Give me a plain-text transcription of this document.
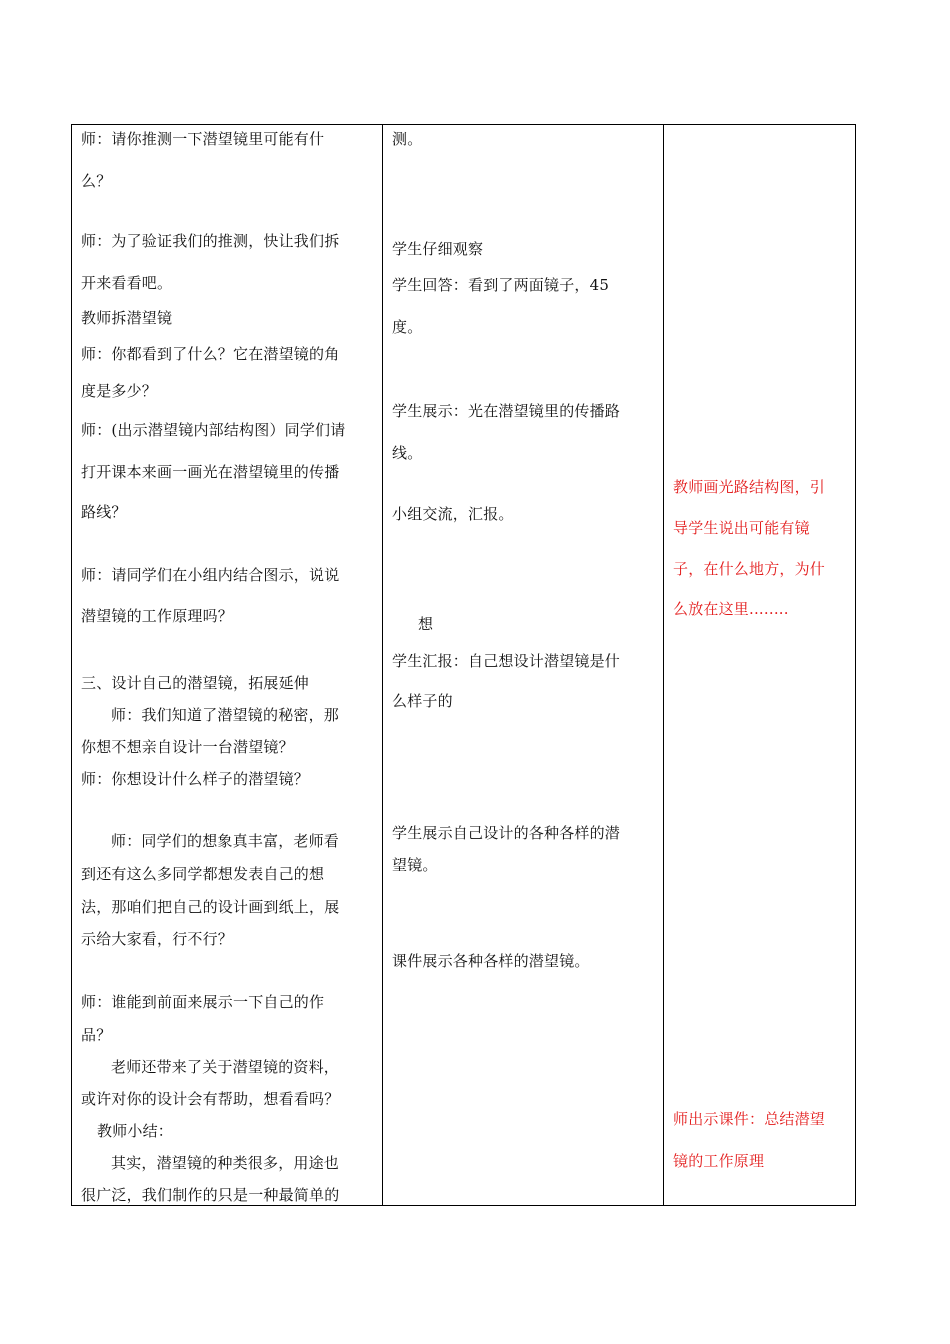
师：请你推测一下潜望镜里可能有什
么？
师：为了验证我们的推测，快让我们拆
开来看看吧。
教师拆潜望镜
师：你都看到了什么？它在潜望镜的角
度是多少？
师：(出示潜望镜内部结构图）同学们请
打开课本来画一画光在潜望镜里的传播
路线？
师：请同学们在小组内结合图示，说说
潜望镜的工作原理吗？
三、设计自己的潜望镜，拓展延伸
师：我们知道了潜望镜的秘密，那
你想不想亲自设计一台潜望镜？
师：你想设计什么样子的潜望镜？
师：同学们的想象真丰富，老师看
到还有这么多同学都想发表自己的想
法，那咱们把自己的设计画到纸上，展
示给大家看，行不行？
师：谁能到前面来展示一下自己的作
品？
老师还带来了关于潜望镜的资料，
或许对你的设计会有帮助，想看看吗？
教师小结：
其实，潜望镜的种类很多，用途也
很广泛，我们制作的只是一种最简单的
测。
学生仔细观察
学生回答：看到了两面镜子，45
度。
学生展示：光在潜望镜里的传播路
线。
小组交流，汇报。
想
学生汇报：自己想设计潜望镜是什
么样子的
学生展示自己设计的各种各样的潜
望镜。
课件展示各种各样的潜望镜。
教师画光路结构图，引
导学生说出可能有镜
子，在什么地方，为什
么放在这里........
师出示课件：总结潜望
镜的工作原理
